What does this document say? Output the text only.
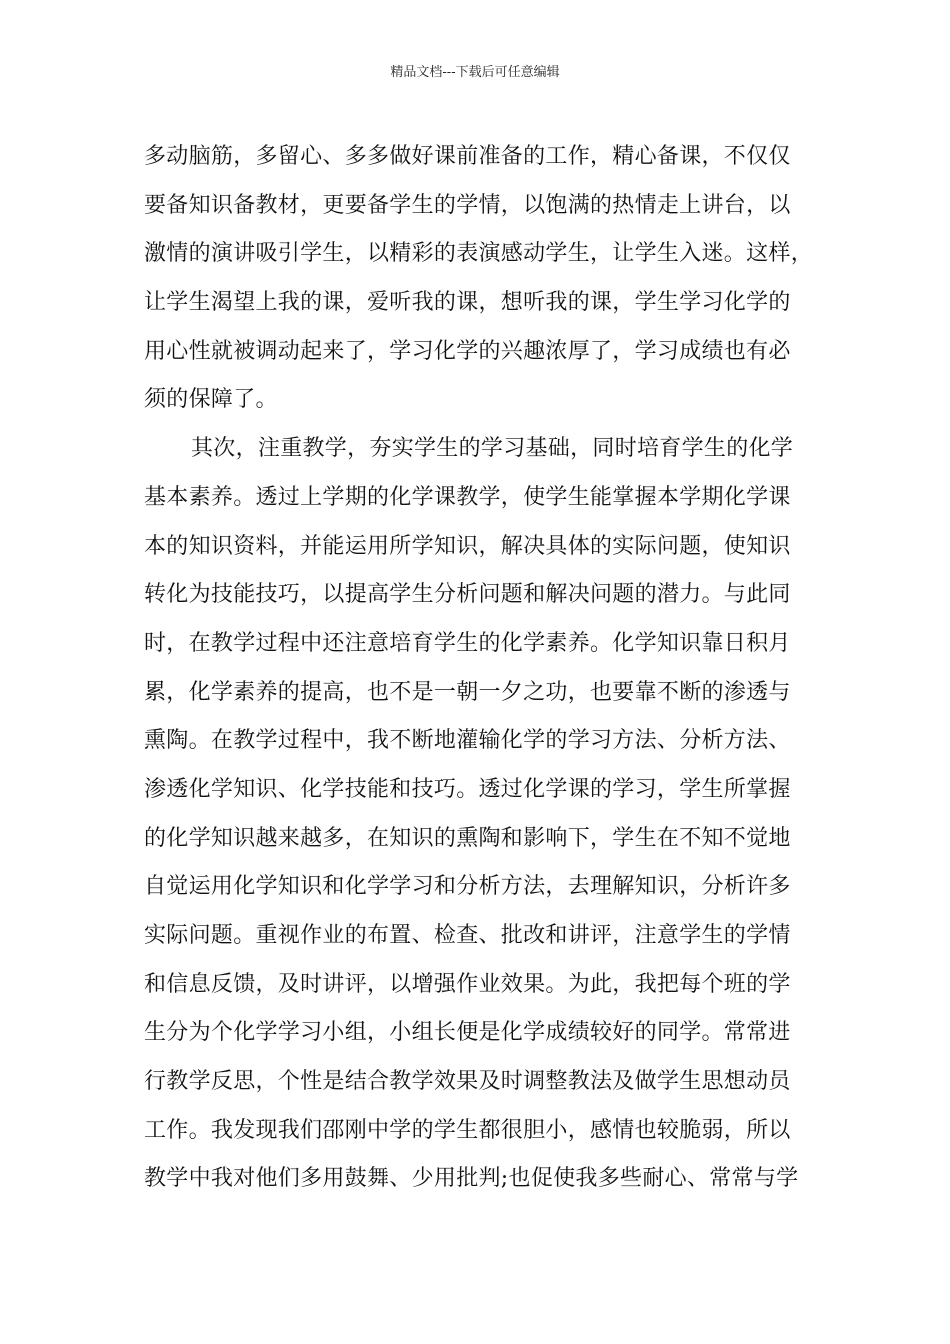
精品文档---下载后可任意编辑
多动脑筋，多留心、多多做好课前准备的工作，精心备课，不仅仅
要备知识备教材，更要备学生的学情，以饱满的热情走上讲台，以
激情的演讲吸引学生，以精彩的表演感动学生，让学生入迷。这样，
让学生渴望上我的课，爱听我的课，想听我的课，学生学习化学的
用心性就被调动起来了，学习化学的兴趣浓厚了，学习成绩也有必
须的保障了。
其次，注重教学，夯实学生的学习基础，同时培育学生的化学
基本素养。透过上学期的化学课教学，使学生能掌握本学期化学课
本的知识资料，并能运用所学知识，解决具体的实际问题，使知识
转化为技能技巧，以提高学生分析问题和解决问题的潜力。与此同
时，在教学过程中还注意培育学生的化学素养。化学知识靠日积月
累，化学素养的提高，也不是一朝一夕之功，也要靠不断的渗透与
熏陶。在教学过程中，我不断地灌输化学的学习方法、分析方法、
渗透化学知识、化学技能和技巧。透过化学课的学习，学生所掌握
的化学知识越来越多，在知识的熏陶和影响下，学生在不知不觉地
自觉运用化学知识和化学学习和分析方法，去理解知识，分析许多
实际问题。重视作业的布置、检查、批改和讲评，注意学生的学情
和信息反馈，及时讲评，以增强作业效果。为此，我把每个班的学
生分为个化学学习小组，小组长便是化学成绩较好的同学。常常进
行教学反思，个性是结合教学效果及时调整教法及做学生思想动员
工作。我发现我们邵刚中学的学生都很胆小，感情也较脆弱，所以
教学中我对他们多用鼓舞、少用批判;也促使我多些耐心、常常与学
